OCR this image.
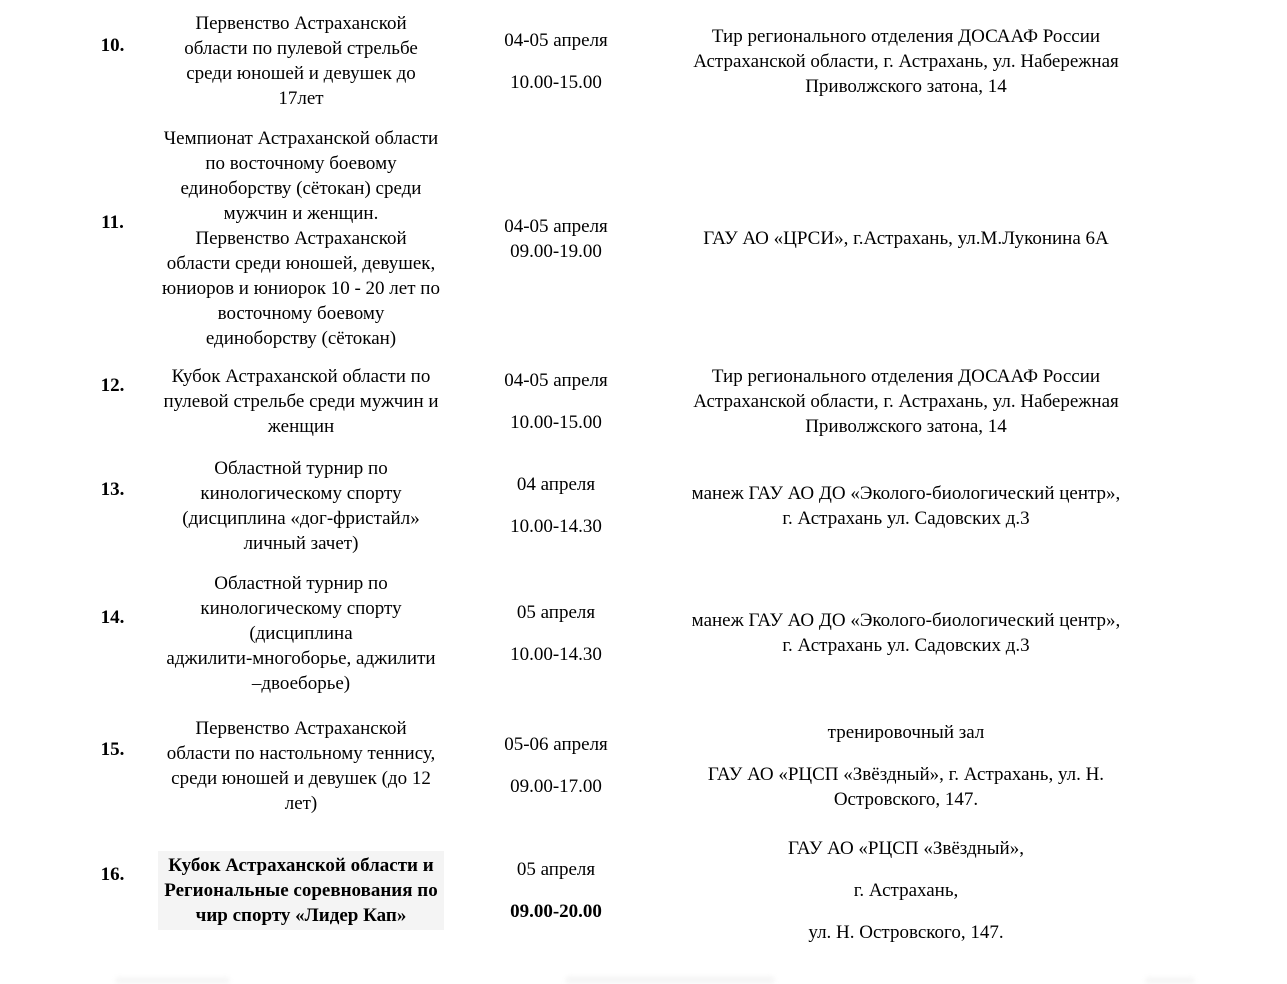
10.	
Первенство Астраханской
области по пулевой стрельбе
среди юношей и девушек до
17лет

04-05 апреля
10.00-15.00

Тир регионального отделения ДОСААФ России
Астраханской области, г. Астрахань, ул. Набережная
Приволжского затона, 14

11.	
Чемпионат Астраханской области
по восточному боевому
единоборству (сётокан) среди
мужчин и женщин.
Первенство Астраханской
области среди юношей, девушек,
юниоров и юниорок 10 - 20 лет по
восточному боевому
единоборству (сётокан)

04-05 апреля
09.00-19.00

ГАУ АО «ЦРСИ», г.Астрахань, ул.М.Луконина 6А

12.	Кубок Астраханской области по
пулевой стрельбе среди мужчин и
женщин

04-05 апреля
10.00-15.00

Тир регионального отделения ДОСААФ России
Астраханской области, г. Астрахань, ул. Набережная
Приволжского затона, 14

13.	
Областной турнир по
кинологическому спорту
(дисциплина «дог-фристайл»
личный зачет)

04 апреля
10.00-14.30

манеж ГАУ АО ДО «Эколого-биологический центр»,
г. Астрахань ул. Садовских д.3

14.	
Областной турнир по
кинологическому спорту
(дисциплина
аджилити-многоборье, аджилити
–двоеборье)

05 апреля
10.00-14.30

манеж ГАУ АО ДО «Эколого-биологический центр»,
г. Астрахань ул. Садовских д.3

15.	
Первенство Астраханской
области по настольному теннису,
среди юношей и девушек (до 12
лет)

05-06 апреля
09.00-17.00

тренировочный зал
ГАУ АО «РЦСП «Звёздный», г. Астрахань, ул. Н.
Островского, 147.

16.	Кубок Астраханской области и
Региональные соревнования по
чир спорту «Лидер Кап»

05 апреля
09.00-20.00

ГАУ АО «РЦСП «Звёздный»,
г. Астрахань,
ул. Н. Островского, 147.
